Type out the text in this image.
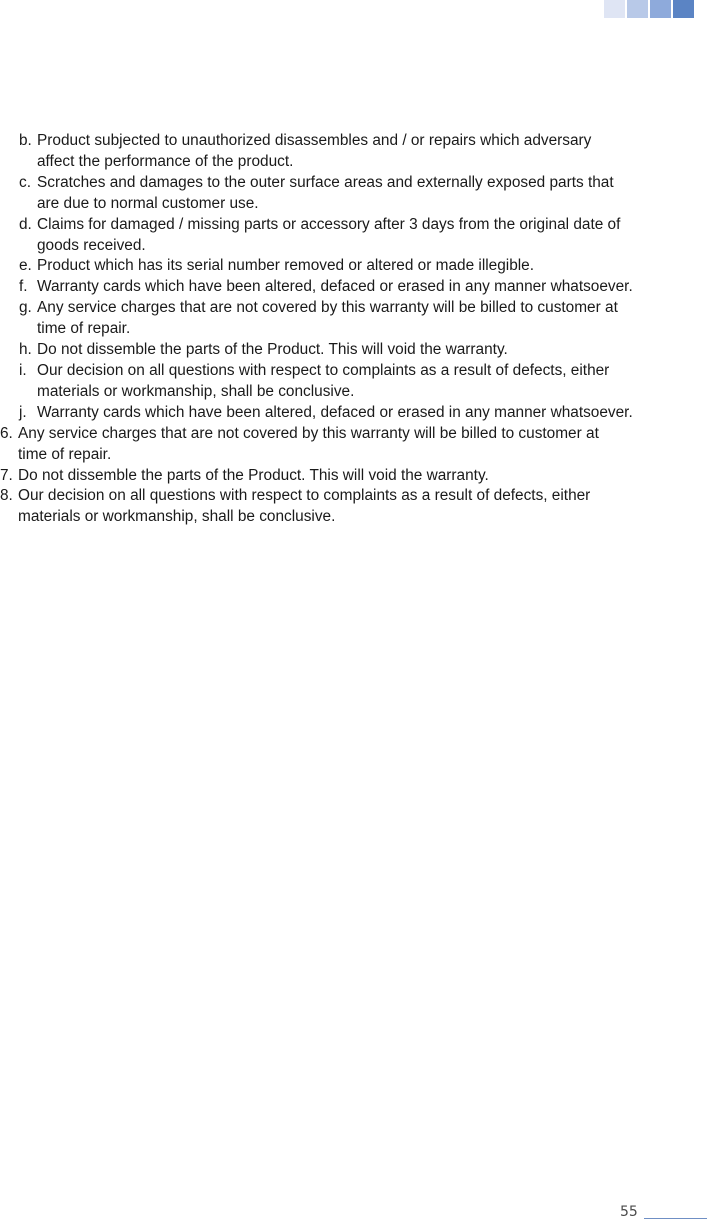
b. Product subjected to unauthorized disassembles and / or repairs which adversary
affect the performance of the product.
c. Scratches and damages to the outer surface areas and externally exposed parts that
are due to normal customer use.
d. Claims for damaged / missing parts or accessory after 3 days from the original date of
goods received.
e. Product which has its serial number removed or altered or made illegible.
f. Warranty cards which have been altered, defaced or erased in any manner whatsoever.
g. Any service charges that are not covered by this warranty will be billed to customer at
time of repair.
h. Do not dissemble the parts of the Product. This will void the warranty.
i. Our decision on all questions with respect to complaints as a result of defects, either
materials or workmanship, shall be conclusive.
j. Warranty cards which have been altered, defaced or erased in any manner whatsoever.
6. Any service charges that are not covered by this warranty will be billed to customer at
time of repair.
7. Do not dissemble the parts of the Product. This will void the warranty.
8. Our decision on all questions with respect to complaints as a result of defects, either
materials or workmanship, shall be conclusive.
55
